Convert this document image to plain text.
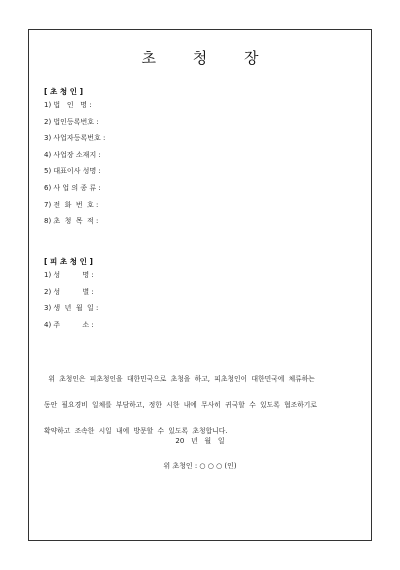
초 청 장
[ 초 청 인 ]
1) 법   인   명 :
2) 법인등록번호 :
3) 사업자등록번호 :
4) 사업장 소재지 :
5) 대표이사 성명 :
6) 사 업 의 종 류 :
7) 전  화  번  호 :
8) 초  청  목  적 :
[ 피 초 청 인 ]
1) 성          명 :
2) 성          별 :
3) 생  년  월  일 :
4) 주          소 :
위  초청인은  피초청인을  대한민국으로  초청을  하고,  피초청인이  대한민국에  체류하는
동안  필요경비  일체를  부담하고,  정한  시한  내에  무사히  귀국할  수  있도록  협조하기로
확약하고  조속한  시일  내에  방문할  수  있도록  초청합니다.
20   년   월   일
위 초청인 : ○ ○ ○ (인)
